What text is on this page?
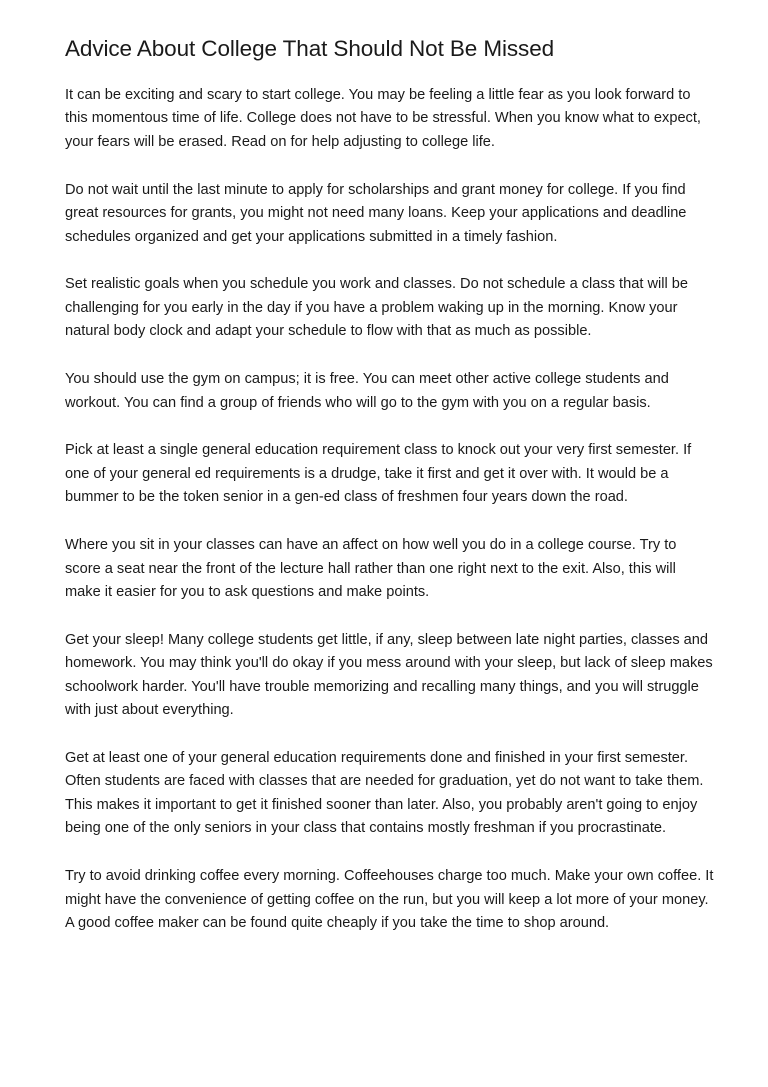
Advice About College That Should Not Be Missed

It can be exciting and scary to start college. You may be feeling a little fear as you look forward to this momentous time of life. College does not have to be stressful. When you know what to expect, your fears will be erased. Read on for help adjusting to college life.

Do not wait until the last minute to apply for scholarships and grant money for college. If you find great resources for grants, you might not need many loans. Keep your applications and deadline schedules organized and get your applications submitted in a timely fashion.

Set realistic goals when you schedule you work and classes. Do not schedule a class that will be challenging for you early in the day if you have a problem waking up in the morning. Know your natural body clock and adapt your schedule to flow with that as much as possible.

You should use the gym on campus; it is free. You can meet other active college students and workout. You can find a group of friends who will go to the gym with you on a regular basis.

Pick at least a single general education requirement class to knock out your very first semester. If one of your general ed requirements is a drudge, take it first and get it over with. It would be a bummer to be the token senior in a gen-ed class of freshmen four years down the road.

Where you sit in your classes can have an affect on how well you do in a college course. Try to score a seat near the front of the lecture hall rather than one right next to the exit. Also, this will make it easier for you to ask questions and make points.

Get your sleep! Many college students get little, if any, sleep between late night parties, classes and homework. You may think you'll do okay if you mess around with your sleep, but lack of sleep makes schoolwork harder. You'll have trouble memorizing and recalling many things, and you will struggle with just about everything.

Get at least one of your general education requirements done and finished in your first semester. Often students are faced with classes that are needed for graduation, yet do not want to take them. This makes it important to get it finished sooner than later. Also, you probably aren't going to enjoy being one of the only seniors in your class that contains mostly freshman if you procrastinate.

Try to avoid drinking coffee every morning. Coffeehouses charge too much. Make your own coffee. It might have the convenience of getting coffee on the run, but you will keep a lot more of your money. A good coffee maker can be found quite cheaply if you take the time to shop around.
